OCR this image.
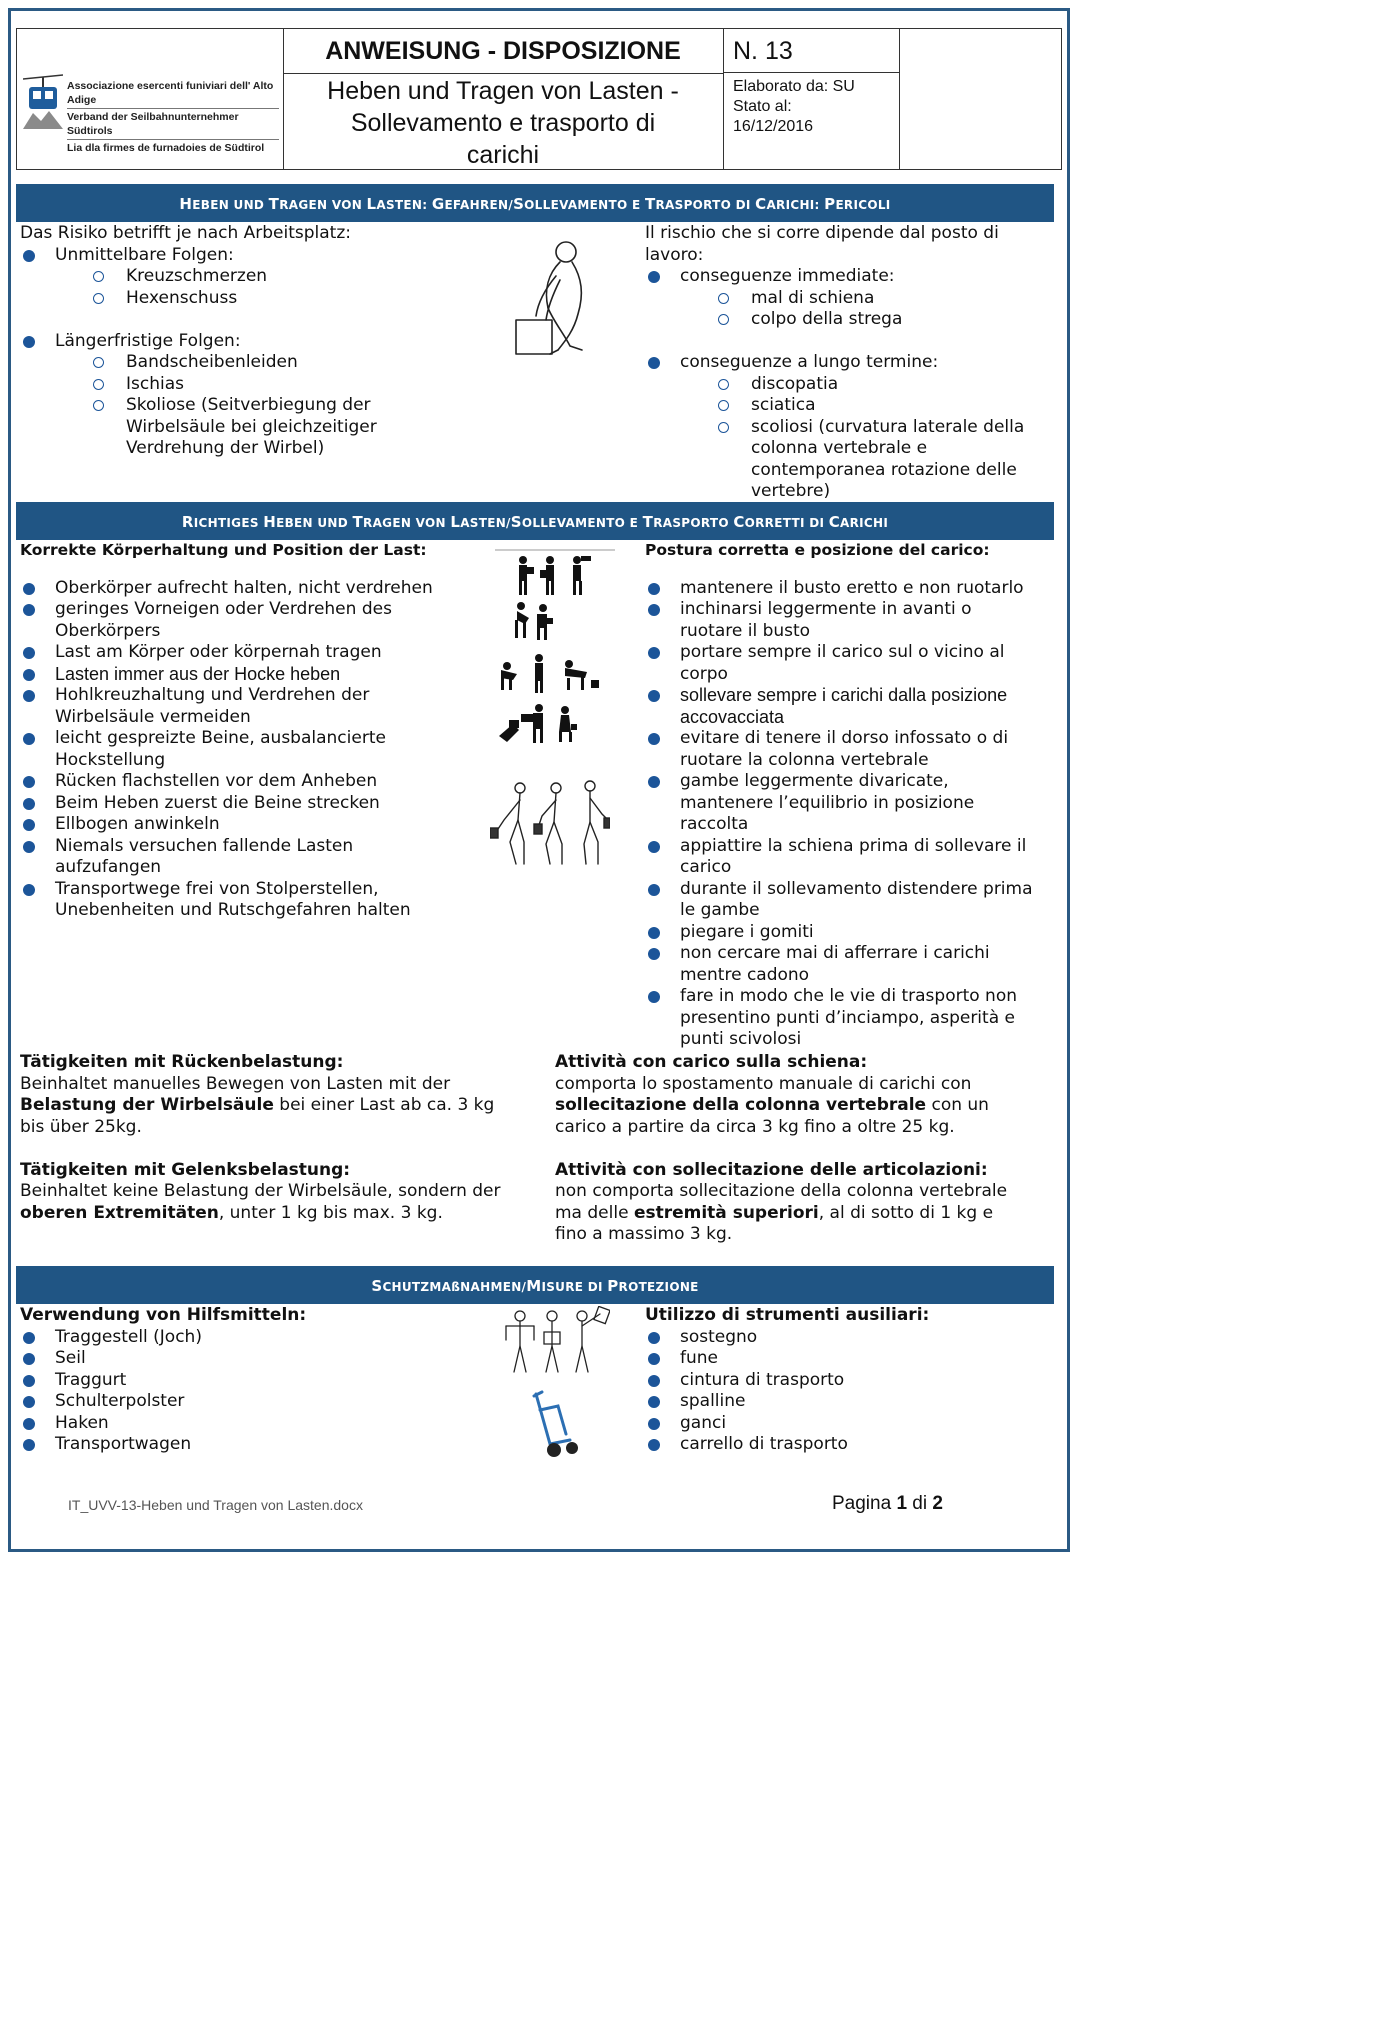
ANWEISUNG - DISPOSIZIONE	N. 13
Heben und Tragen von Lasten -
Sollevamento e trasporto di
carichi
Elaborato da: SU
Stato al:
16/12/2016
Associazione esercenti funiviari dell' Alto Adige
Verband der Seilbahnunternehmer Südtirols
Lia dla firmes de furnadoies de Südtirol
HEBEN UND TRAGEN VON LASTEN: GEFAHREN/SOLLEVAMENTO E TRASPORTO DI CARICHI: PERICOLI
Das Risiko betrifft je nach Arbeitsplatz:
Unmittelbare Folgen:
Kreuzschmerzen
Hexenschuss
Längerfristige Folgen:
Bandscheibenleiden
Ischias
Skoliose (Seitverbiegung der
Wirbelsäule bei gleichzeitiger
Verdrehung der Wirbel)
Il rischio che si corre dipende dal posto di
lavoro:
conseguenze immediate:
mal di schiena
colpo della strega
conseguenze a lungo termine:
discopatia
sciatica
scoliosi (curvatura laterale della
colonna vertebrale e
contemporanea rotazione delle
vertebre)
RICHTIGES HEBEN UND TRAGEN VON LASTEN/SOLLEVAMENTO E TRASPORTO CORRETTI DI CARICHI
Korrekte Körperhaltung und Position der Last:
Oberkörper aufrecht halten, nicht verdrehen
geringes Vorneigen oder Verdrehen des
Oberkörpers
Last am Körper oder körpernah tragen
Lasten immer aus der Hocke heben
Hohlkreuzhaltung und Verdrehen der
Wirbelsäule vermeiden
leicht gespreizte Beine, ausbalancierte
Hockstellung
Rücken flachstellen vor dem Anheben
Beim Heben zuerst die Beine strecken
Ellbogen anwinkeln
Niemals versuchen fallende Lasten
aufzufangen
Transportwege frei von Stolperstellen,
Unebenheiten und Rutschgefahren halten
Postura corretta e posizione del carico:
mantenere il busto eretto e non ruotarlo
inchinarsi leggermente in avanti o
ruotare il busto
portare sempre il carico sul o vicino al
corpo
sollevare sempre i carichi dalla posizione
accovacciata
evitare di tenere il dorso infossato o di
ruotare la colonna vertebrale
gambe leggermente divaricate,
mantenere l’equilibrio in posizione
raccolta
appiattire la schiena prima di sollevare il
carico
durante il sollevamento distendere prima
le gambe
piegare i gomiti
non cercare mai di afferrare i carichi
mentre cadono
fare in modo che le vie di trasporto non
presentino punti d’inciampo, asperità e
punti scivolosi
Tätigkeiten mit Rückenbelastung:
Beinhaltet manuelles Bewegen von Lasten mit der
Belastung der Wirbelsäule bei einer Last ab ca. 3 kg
bis über 25kg.
Tätigkeiten mit Gelenksbelastung:
Beinhaltet keine Belastung der Wirbelsäule, sondern der
oberen Extremitäten, unter 1 kg bis max. 3 kg.
Attività con carico sulla schiena:
comporta lo spostamento manuale di carichi con
sollecitazione della colonna vertebrale con un
carico a partire da circa 3 kg fino a oltre 25 kg.
Attività con sollecitazione delle articolazioni:
non comporta sollecitazione della colonna vertebrale
ma delle estremità superiori, al di sotto di 1 kg e
fino a massimo 3 kg.
SCHUTZMAßNAHMEN/MISURE DI PROTEZIONE
Verwendung von Hilfsmitteln:
Traggestell (Joch)
Seil
Traggurt
Schulterpolster
Haken
Transportwagen
Utilizzo di strumenti ausiliari:
sostegno
fune
cintura di trasporto
spalline
ganci
carrello di trasporto
IT_UVV-13-Heben und Tragen von Lasten.docx	Pagina 1 di 2
